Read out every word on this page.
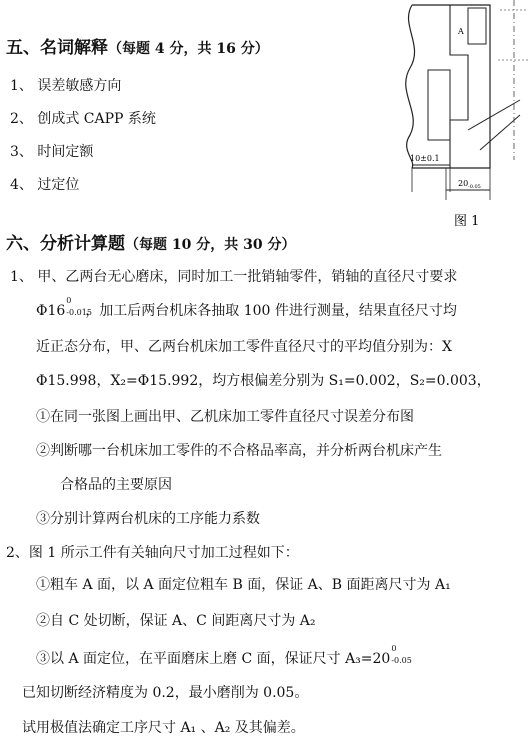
10±0.1
20 -0.05
A
图 1
五、名词解释（每题 4 分，共 16 分）
1、 误差敏感方向
2、 创成式 CAPP 系统
3、 时间定额
4、 过定位
六、分析计算题（每题 10 分，共 30 分）
1、 甲、乙两台无心磨床，同时加工一批销轴零件，销轴的直径尺寸要求
Φ16
0
-0.015
，加工后两台机床各抽取 100 件进行测量，结果直径尺寸均
近正态分布，甲、乙两台机床加工零件直径尺寸的平均值分别为：X
Φ15.998，X₂=Φ15.992，均方根偏差分别为 S₁=0.002，S₂=0.003，
①在同一张图上画出甲、乙机床加工零件直径尺寸误差分布图
②判断哪一台机床加工零件的不合格品率高，并分析两台机床产生
合格品的主要原因
③分别计算两台机床的工序能力系数
2、图 1 所示工件有关轴向尺寸加工过程如下：
①粗车 A 面，以 A 面定位粗车 B 面，保证 A、B 面距离尺寸为 A₁
②自 C 处切断，保证 A、C 间距离尺寸为 A₂
③以 A 面定位，在平面磨床上磨 C 面，保证尺寸 A₃=20
0
-0.05
已知切断经济精度为 0.2，最小磨削为 0.05。
试用极值法确定工序尺寸 A₁ 、A₂ 及其偏差。
